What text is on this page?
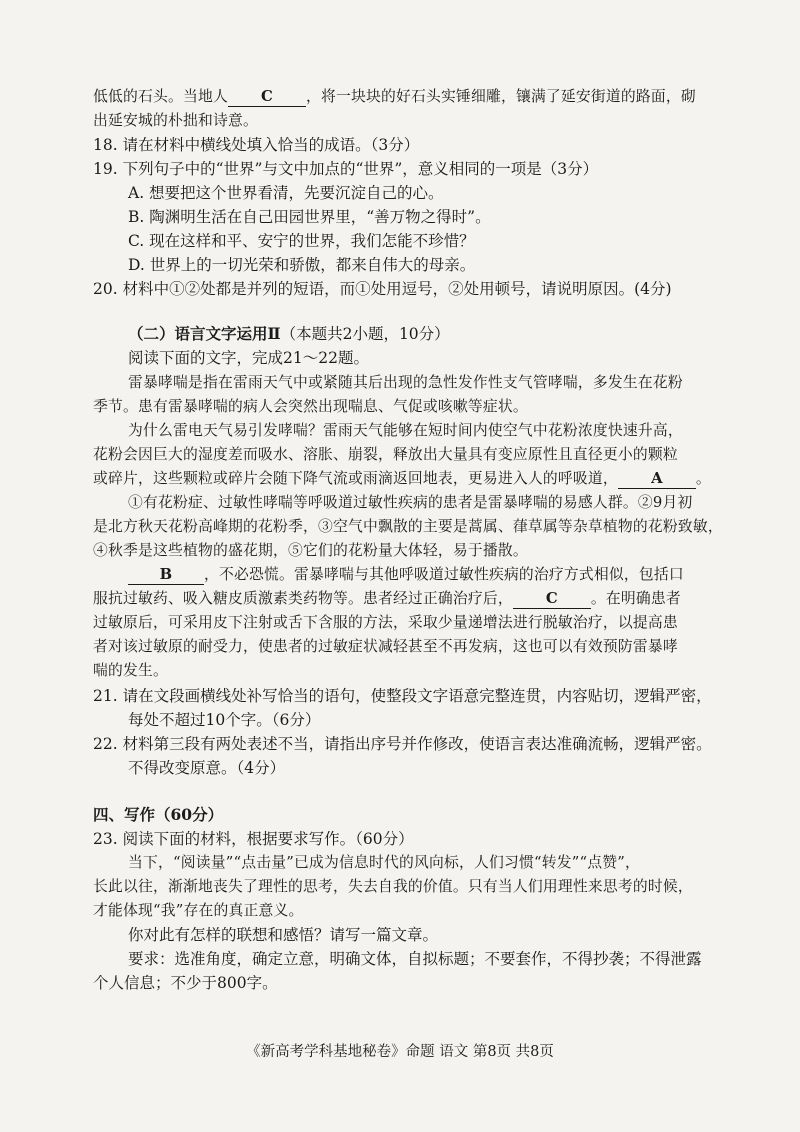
低低的石头。当地人 C ，将一块块的好石头实锤细雕，镶满了延安街道的路面，砌
出延安城的朴拙和诗意。
18. 请在材料中横线处填入恰当的成语。（3分）
19. 下列句子中的“世界”与文中加点的“世界”，意义相同的一项是（3分）
A. 想要把这个世界看清，先要沉淀自己的心。
B. 陶渊明生活在自己田园世界里，“善万物之得时”。
C. 现在这样和平、安宁的世界，我们怎能不珍惜？
D. 世界上的一切光荣和骄傲，都来自伟大的母亲。
20. 材料中①②处都是并列的短语，而①处用逗号，②处用顿号，请说明原因。(4分)
（二）语言文字运用Ⅱ（本题共2小题，10分）
阅读下面的文字，完成21～22题。
雷暴哮喘是指在雷雨天气中或紧随其后出现的急性发作性支气管哮喘，多发生在花粉
季节。患有雷暴哮喘的病人会突然出现喘息、气促或咳嗽等症状。
为什么雷电天气易引发哮喘？雷雨天气能够在短时间内使空气中花粉浓度快速升高，
花粉会因巨大的湿度差而吸水、溶胀、崩裂，释放出大量具有变应原性且直径更小的颗粒
或碎片，这些颗粒或碎片会随下降气流或雨滴返回地表，更易进入人的呼吸道， A 。
①有花粉症、过敏性哮喘等呼吸道过敏性疾病的患者是雷暴哮喘的易感人群。②9月初
是北方秋天花粉高峰期的花粉季，③空气中飘散的主要是蒿属、葎草属等杂草植物的花粉致敏，
④秋季是这些植物的盛花期，⑤它们的花粉量大体轻，易于播散。
B ，不必恐慌。雷暴哮喘与其他呼吸道过敏性疾病的治疗方式相似，包括口
服抗过敏药、吸入糖皮质激素类药物等。患者经过正确治疗后， C 。在明确患者
过敏原后，可采用皮下注射或舌下含服的方法，采取少量递增法进行脱敏治疗，以提高患
者对该过敏原的耐受力，使患者的过敏症状减轻甚至不再发病，这也可以有效预防雷暴哮
喘的发生。
21. 请在文段画横线处补写恰当的语句，使整段文字语意完整连贯，内容贴切，逻辑严密，
每处不超过10个字。（6分）
22. 材料第三段有两处表述不当，请指出序号并作修改，使语言表达准确流畅，逻辑严密。
不得改变原意。（4分）
四、写作（60分）
23. 阅读下面的材料，根据要求写作。（60分）
当下，“阅读量”“点击量”已成为信息时代的风向标，人们习惯“转发”“点赞”，
长此以往，渐渐地丧失了理性的思考，失去自我的价值。只有当人们用理性来思考的时候，
才能体现“我”存在的真正意义。
你对此有怎样的联想和感悟？请写一篇文章。
要求：选准角度，确定立意，明确文体，自拟标题；不要套作，不得抄袭；不得泄露
个人信息；不少于800字。
《新高考学科基地秘卷》命题 语文 第8页 共8页
